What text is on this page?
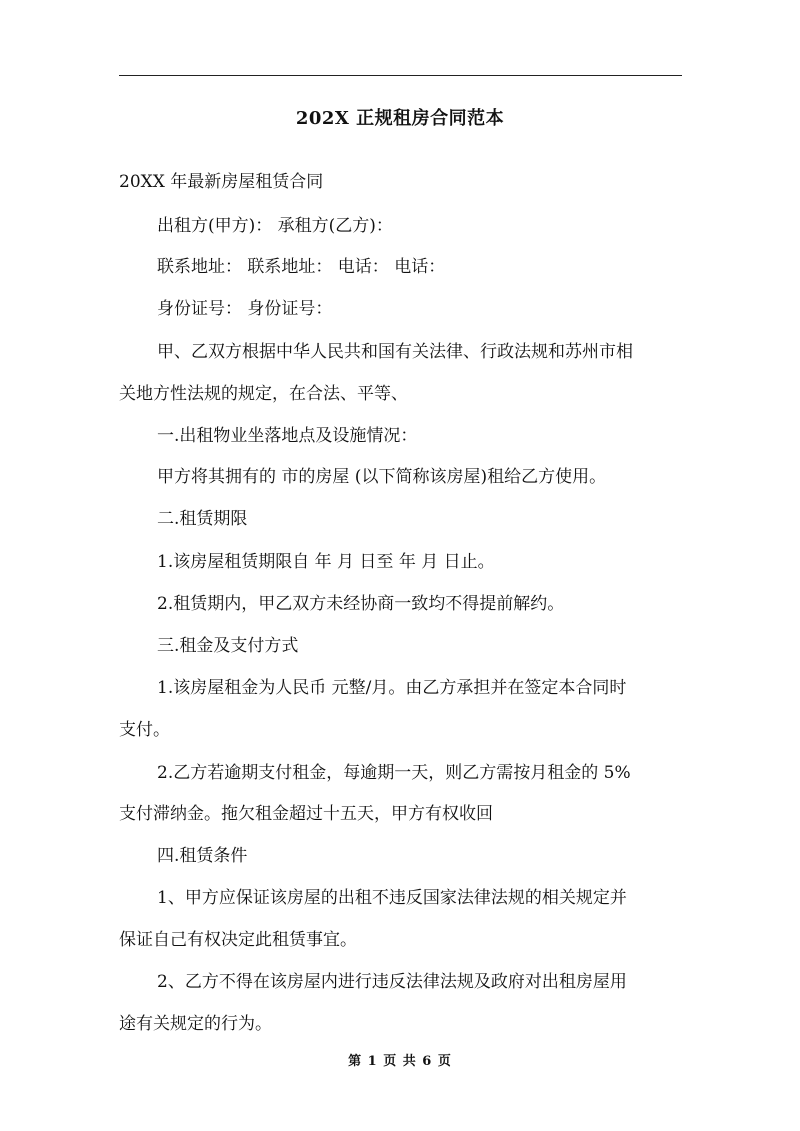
202X 正规租房合同范本
20XX 年最新房屋租赁合同
出租方(甲方)： 承租方(乙方)：
联系地址： 联系地址： 电话： 电话：
身份证号： 身份证号：
甲、乙双方根据中华人民共和国有关法律、行政法规和苏州市相
关地方性法规的规定，在合法、平等、
一.出租物业坐落地点及设施情况：
甲方将其拥有的 市的房屋 (以下简称该房屋)租给乙方使用。
二.租赁期限
1.该房屋租赁期限自 年 月 日至 年 月 日止。
2.租赁期内，甲乙双方未经协商一致均不得提前解约。
三.租金及支付方式
1.该房屋租金为人民币 元整/月。由乙方承担并在签定本合同时
支付。
2.乙方若逾期支付租金，每逾期一天，则乙方需按月租金的 5%
支付滞纳金。拖欠租金超过十五天，甲方有权收回
四.租赁条件
1、甲方应保证该房屋的出租不违反国家法律法规的相关规定并
保证自己有权决定此租赁事宜。
2、乙方不得在该房屋内进行违反法律法规及政府对出租房屋用
途有关规定的行为。
第 1 页 共 6 页
